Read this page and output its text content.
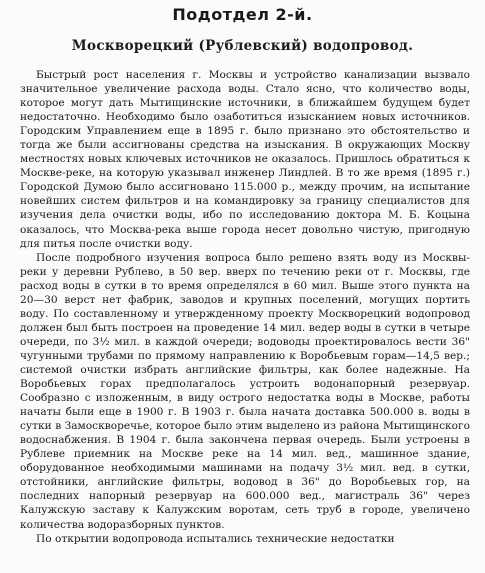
Подотдел 2-й.
Москворецкий (Рублевский) водопровод.

Быстрый рост населения г. Москвы и устройство канализации вызвало значительное увеличение расхода воды. Стало ясно, что количество воды, которое могут дать Мытищинские источники, в ближайшем будущем будет недостаточно. Необходимо было озаботиться изысканием новых источников. Городским Управлением еще в 1895 г. было признано это обстоятельство и тогда же были ассигнованы средства на изыскания. В окружающих Москву местностях новых ключевых источников не оказалось. Пришлось обратиться к Москве-реке, на которую указывал инженер Линдлей. В то же время (1895 г.) Городской Думою было ассигновано 115.000 р., между прочим, на испытание новейших систем фильтров и на командировку за границу специалистов для изучения дела очистки воды, ибо по исследованию доктора М. Б. Коцына оказалось, что Москва-река выше города несет довольно чистую, пригодную для питья после очистки воду.

После подробного изучения вопроса было решено взять воду из Москвы-реки у деревни Рублево, в 50 вер. вверх по течению реки от г. Москвы, где расход воды в сутки в то время определялся в 60 мил. Выше этого пункта на 20—30 верст нет фабрик, заводов и крупных поселений, могущих портить воду. По составленному и утвержденному проекту Москворецкий водопровод должен был быть построен на проведение 14 мил. ведер воды в сутки в четыре очереди, по 3½ мил. в каждой очереди; водоводы проектировалось вести 36" чугунными трубами по прямому направлению к Воробьевым горам—14,5 вер.; системой очистки избрать английские фильтры, как более надежные. На Воробьевых горах предполагалось устроить водонапорный резервуар. Сообразно с изложенным, в виду острого недостатка воды в Москве, работы начаты были еще в 1900 г. В 1903 г. была начата доставка 500.000 в. воды в сутки в Замоскворечье, которое было этим выделено из района Мытищинского водоснабжения. В 1904 г. была закончена первая очередь. Были устроены в Рублеве приемник на Москве реке на 14 мил. вед., машинное здание, оборудованное необходимыми машинами на подачу 3½ мил. вед. в сутки, отстойники, английские фильтры, водовод в 36" до Воробьевых гор, на последних напорный резервуар на 600.000 вед., магистраль 36" через Калужскую заставу к Калужским воротам, сеть труб в городе, увеличено количества водоразборных пунктов.

По открытии водопровода испытались технические недостатки
